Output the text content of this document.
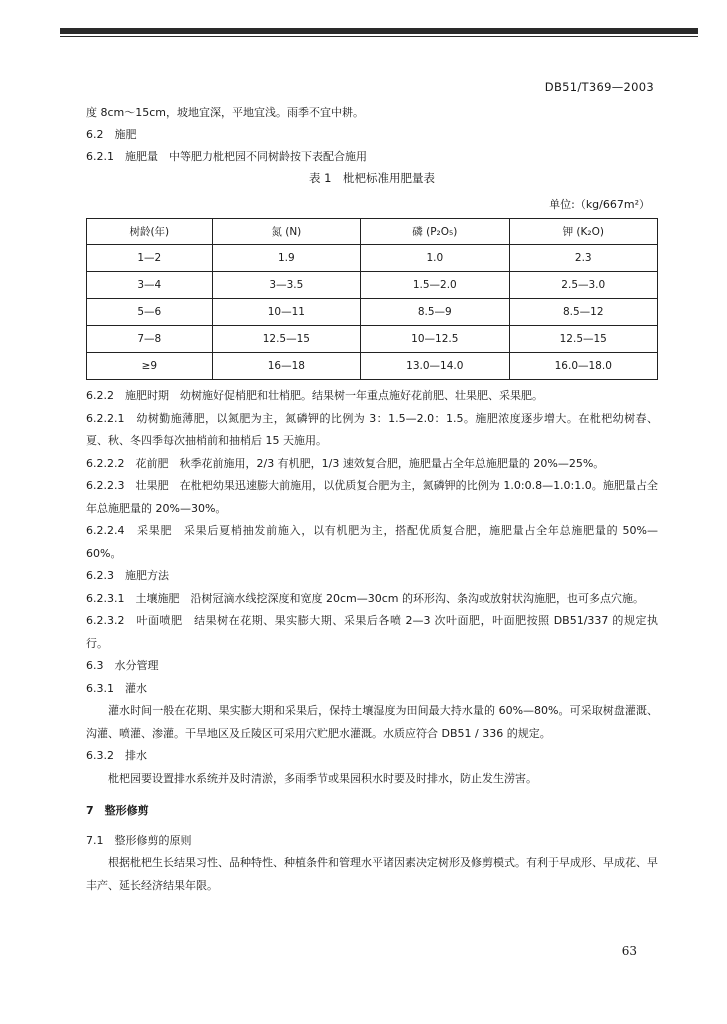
DB51/T369—2003
度 8cm～15cm，坡地宜深，平地宜浅。雨季不宜中耕。
6.2　施肥
6.2.1　施肥量　中等肥力枇杷园不同树龄按下表配合施用
表 1　枇杷标准用肥量表
单位:（kg/667m²）
树龄(年)	氮 (N)	磷 (P₂O₅)	钾 (K₂O)
1—2	1.9	1.0	2.3
3—4	3—3.5	1.5—2.0	2.5—3.0
5—6	10—11	8.5—9	8.5—12
7—8	12.5—15	10—12.5	12.5—15
≥9	16—18	13.0—14.0	16.0—18.0
6.2.2　施肥时期　幼树施好促梢肥和壮梢肥。结果树一年重点施好花前肥、壮果肥、采果肥。
6.2.2.1　幼树勤施薄肥，以氮肥为主，氮磷钾的比例为 3：1.5—2.0：1.5。施肥浓度逐步增大。在枇杷幼树春、夏、秋、冬四季每次抽梢前和抽梢后 15 天施用。
6.2.2.2　花前肥　秋季花前施用，2/3 有机肥，1/3 速效复合肥，施肥量占全年总施肥量的 20%—25%。
6.2.2.3　壮果肥　在枇杷幼果迅速膨大前施用，以优质复合肥为主，氮磷钾的比例为 1.0:0.8—1.0:1.0。施肥量占全年总施肥量的 20%—30%。
6.2.2.4　采果肥　采果后夏梢抽发前施入，以有机肥为主，搭配优质复合肥，施肥量占全年总施肥量的 50%—60%。
6.2.3　施肥方法
6.2.3.1　土壤施肥　沿树冠滴水线挖深度和宽度 20cm—30cm 的环形沟、条沟或放射状沟施肥，也可多点穴施。
6.2.3.2　叶面喷肥　结果树在花期、果实膨大期、采果后各喷 2—3 次叶面肥，叶面肥按照 DB51/337 的规定执行。
6.3　水分管理
6.3.1　灌水
灌水时间一般在花期、果实膨大期和采果后，保持土壤湿度为田间最大持水量的 60%—80%。可采取树盘灌溉、沟灌、喷灌、渗灌。干旱地区及丘陵区可采用穴贮肥水灌溉。水质应符合 DB51 / 336 的规定。
6.3.2　排水
枇杷园要设置排水系统并及时清淤，多雨季节或果园积水时要及时排水，防止发生涝害。
7　整形修剪
7.1　整形修剪的原则
根据枇杷生长结果习性、品种特性、种植条件和管理水平诸因素决定树形及修剪模式。有利于早成形、早成花、早丰产、延长经济结果年限。
63
